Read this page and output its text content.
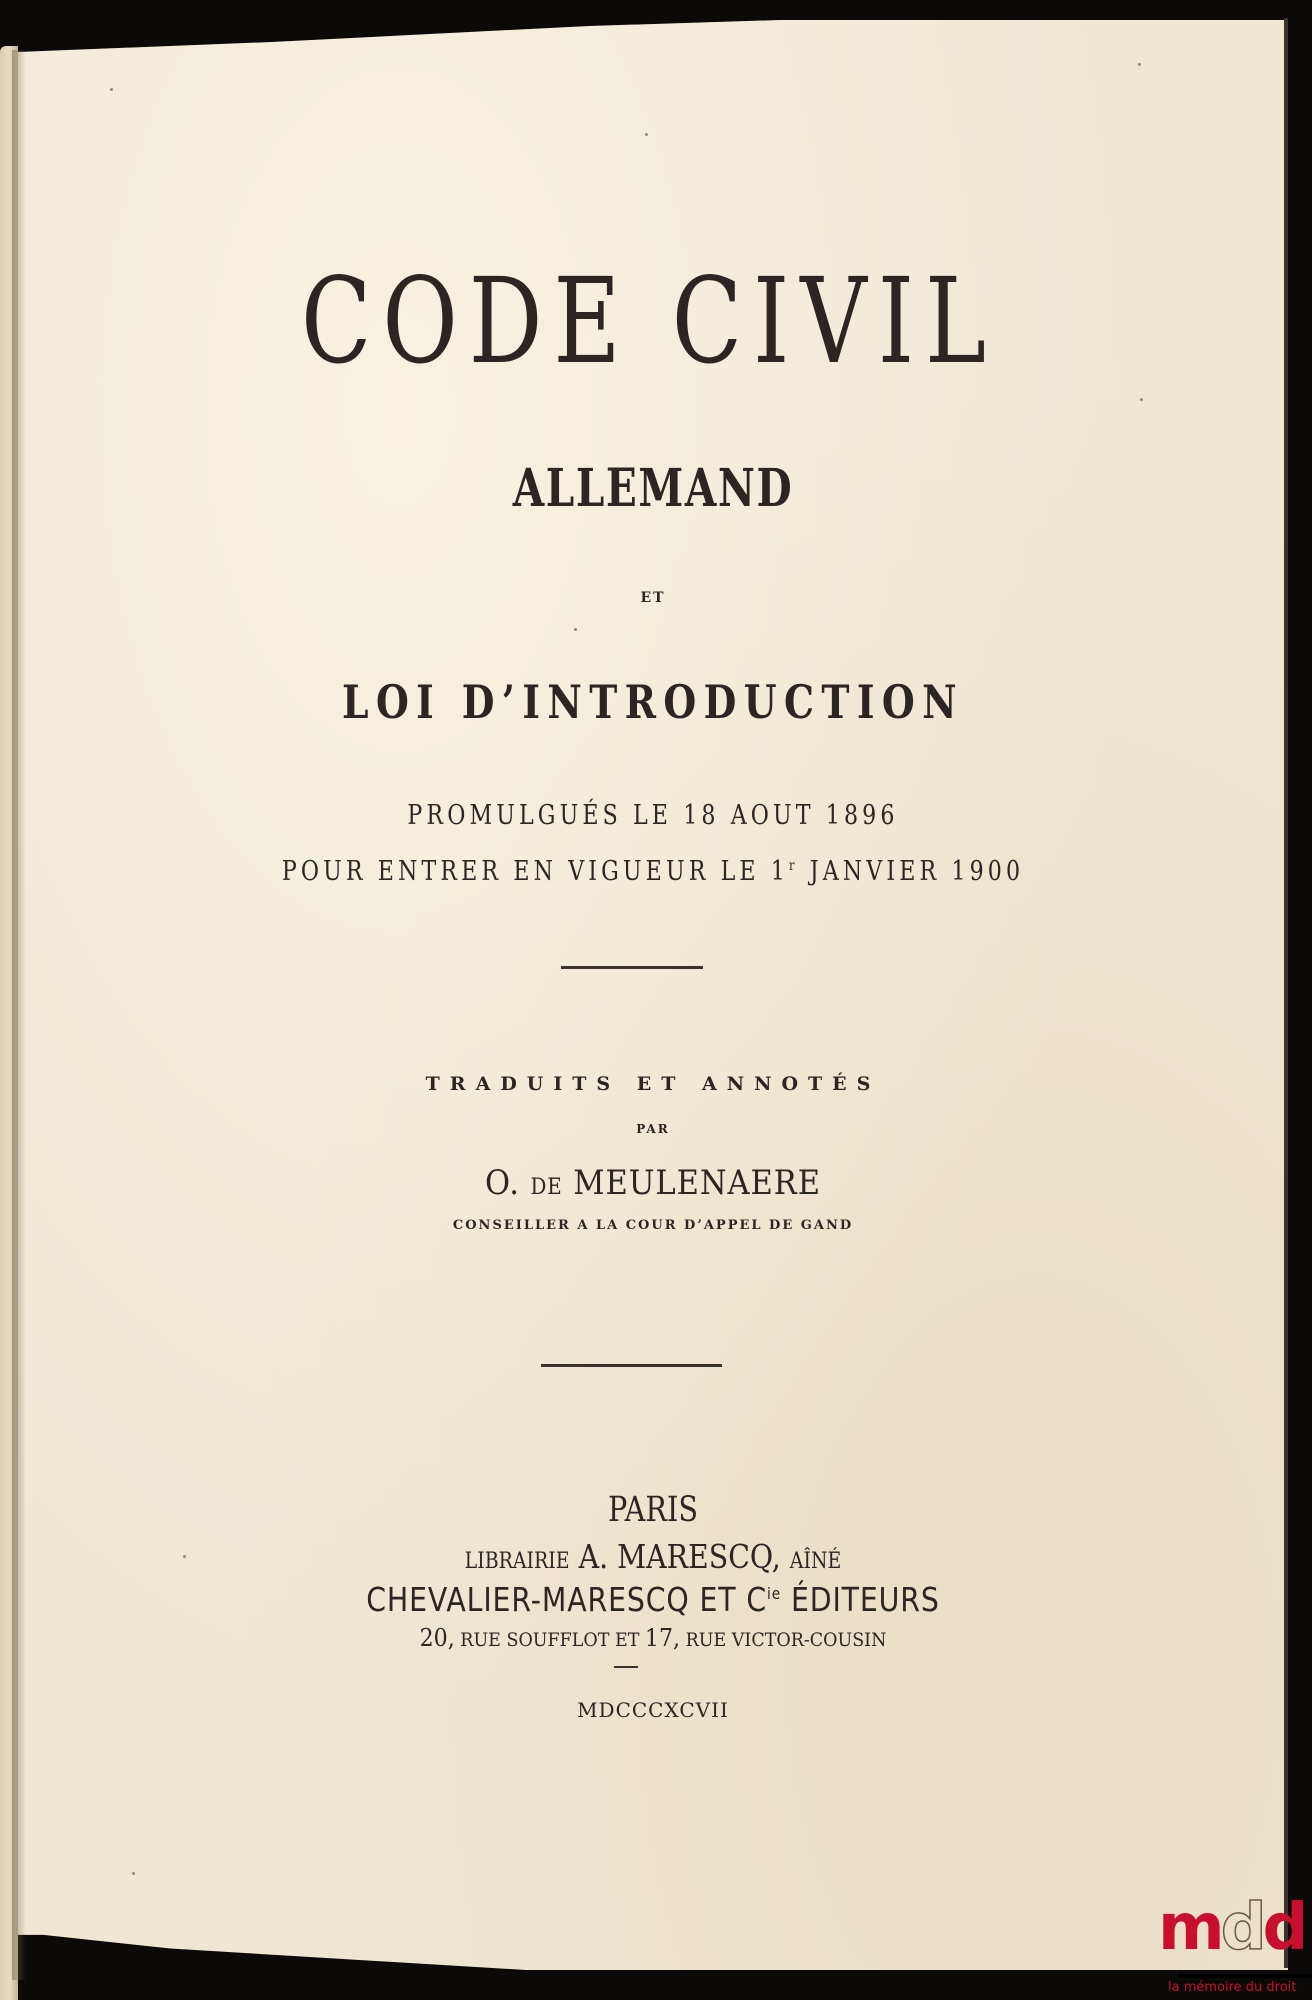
CODE CIVIL
ALLEMAND
ET
LOI D’INTRODUCTION
PROMULGUÉS LE 18 AOUT 1896
POUR ENTRER EN VIGUEUR LE 1$^r$ JANVIER 1900
TRADUITS ET ANNOTÉS
PAR
O. DE MEULENAERE
CONSEILLER A LA COUR D’APPEL DE GAND
PARIS
LIBRAIRIE A. MARESCQ, AÎNÉ
CHEVALIER-MARESCQ ET $C^{ie}$ ÉDITEURS
20, RUE SOUFFLOT ET 17, RUE VICTOR-COUSIN
MDCCCXCVII
mdd
la mémoire du droit
